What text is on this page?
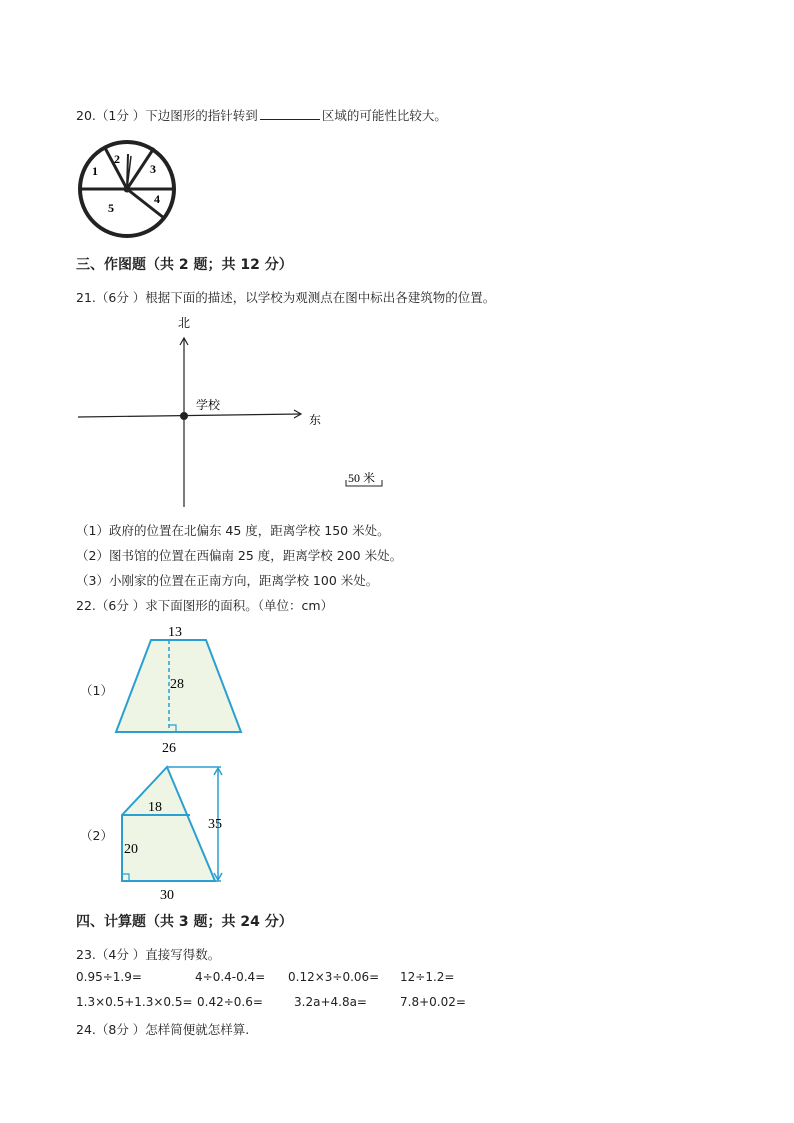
20.（1分 ）下边图形的指针转到	区域的可能性比较大。
1
2
3
4
5
三、作图题（共 2 题；共 12 分）
21.（6分 ）根据下面的描述，以学校为观测点在图中标出各建筑物的位置。
北
东
学校
50 米
（1）政府的位置在北偏东 45 度，距离学校 150 米处。
（2）图书馆的位置在西偏南 25 度，距离学校 200 米处。
（3）小刚家的位置在正南方向，距离学校 100 米处。
22.（6分 ）求下面图形的面积。（单位：cm）
（1）
13
28
26
（2）
18
20
30
35
四、计算题（共 3 题；共 24 分）
23.（4分 ）直接写得数。
0.95÷1.9=	4÷0.4-0.4= 0.12×3÷0.06= 12÷1.2=
1.3×0.5+1.3×0.5= 0.42÷0.6=	3.2a+4.8a=	7.8+0.02=
24.（8分 ）怎样简便就怎样算.
